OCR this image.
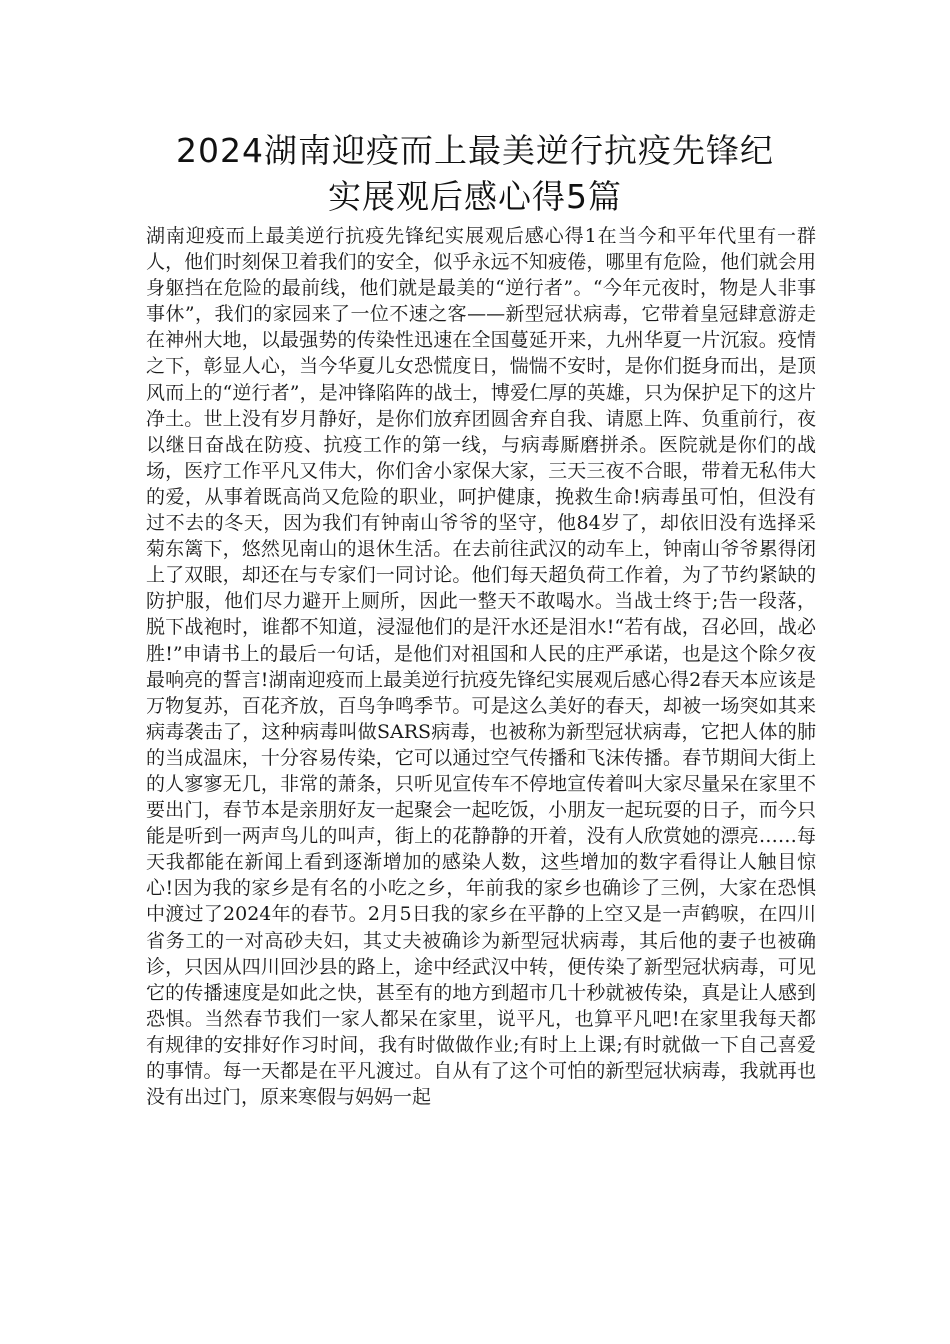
2024湖南迎疫而上最美逆行抗疫先锋纪
实展观后感心得5篇

湖南迎疫而上最美逆行抗疫先锋纪实展观后感心得1在当今和平年代里有一群人，他们时刻保卫着我们的安全，似乎永远不知疲倦，哪里有危险，他们就会用身躯挡在危险的最前线，他们就是最美的“逆行者”。“今年元夜时，物是人非事事休”，我们的家园来了一位不速之客——新型冠状病毒，它带着皇冠肆意游走在神州大地，以最强势的传染性迅速在全国蔓延开来，九州华夏一片沉寂。疫情之下，彰显人心，当今华夏儿女恐慌度日，惴惴不安时，是你们挺身而出，是顶风而上的“逆行者”，是冲锋陷阵的战士，博爱仁厚的英雄，只为保护足下的这片净土。世上没有岁月静好，是你们放弃团圆舍弃自我、请愿上阵、负重前行，夜以继日奋战在防疫、抗疫工作的第一线，与病毒厮磨拼杀。医院就是你们的战场，医疗工作平凡又伟大，你们舍小家保大家，三天三夜不合眼，带着无私伟大的爱，从事着既高尚又危险的职业，呵护健康，挽救生命!病毒虽可怕，但没有过不去的冬天，因为我们有钟南山爷爷的坚守，他84岁了，却依旧没有选择采菊东篱下，悠然见南山的退休生活。在去前往武汉的动车上，钟南山爷爷累得闭上了双眼，却还在与专家们一同讨论。他们每天超负荷工作着，为了节约紧缺的防护服，他们尽力避开上厕所，因此一整天不敢喝水。当战士终于;告一段落，脱下战袍时，谁都不知道，浸湿他们的是汗水还是泪水!“若有战，召必回，战必胜!”申请书上的最后一句话，是他们对祖国和人民的庄严承诺，也是这个除夕夜最响亮的誓言!湖南迎疫而上最美逆行抗疫先锋纪实展观后感心得2春天本应该是万物复苏，百花齐放，百鸟争鸣季节。可是这么美好的春天，却被一场突如其来病毒袭击了，这种病毒叫做SARS病毒，也被称为新型冠状病毒，它把人体的肺的当成温床，十分容易传染，它可以通过空气传播和飞沫传播。春节期间大街上的人寥寥无几，非常的萧条，只听见宣传车不停地宣传着叫大家尽量呆在家里不要出门，春节本是亲朋好友一起聚会一起吃饭，小朋友一起玩耍的日子，而今只能是听到一两声鸟儿的叫声，街上的花静静的开着，没有人欣赏她的漂亮……每天我都能在新闻上看到逐渐增加的感染人数，这些增加的数字看得让人触目惊心!因为我的家乡是有名的小吃之乡，年前我的家乡也确诊了三例，大家在恐惧中渡过了2024年的春节。2月5日我的家乡在平静的上空又是一声鹤唳，在四川省务工的一对高砂夫妇，其丈夫被确诊为新型冠状病毒，其后他的妻子也被确诊，只因从四川回沙县的路上，途中经武汉中转，便传染了新型冠状病毒，可见它的传播速度是如此之快，甚至有的地方到超市几十秒就被传染，真是让人感到恐惧。当然春节我们一家人都呆在家里，说平凡，也算平凡吧!在家里我每天都有规律的安排好作习时间，我有时做做作业;有时上上课;有时就做一下自己喜爱的事情。每一天都是在平凡渡过。自从有了这个可怕的新型冠状病毒，我就再也没有出过门，原来寒假与妈妈一起
